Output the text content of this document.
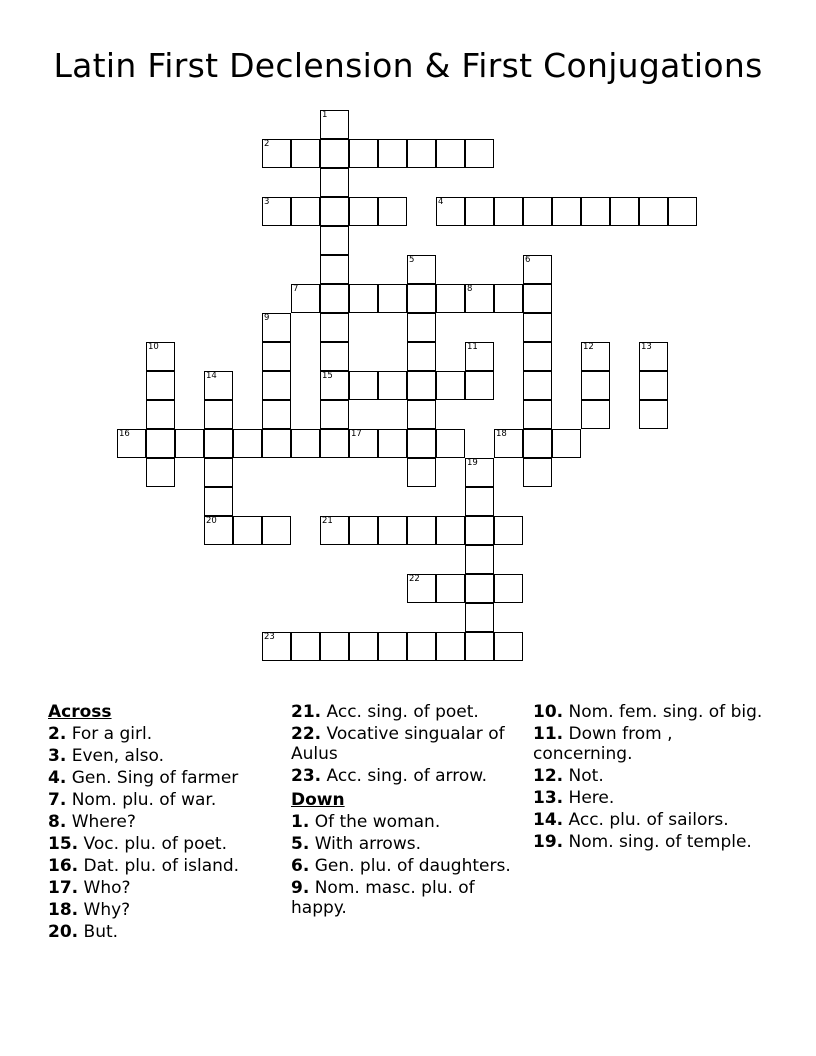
Latin First Declension & First Conjugations
1
15
2
3	4
5	6
7	8
9
10	11	12	13
14
20
16	17	18
19
21
22
23
Across
2. For a girl.
3. Even, also.
4. Gen. Sing of farmer
7. Nom. plu. of war.
8. Where?
15. Voc. plu. of poet.
16. Dat. plu. of island.
17. Who?
18. Why?
20. But.
21. Acc. sing. of poet.
22. Vocative singualar of Aulus
23. Acc. sing. of arrow.
Down
1. Of the woman.
5. With arrows.
6. Gen. plu. of daughters.
9. Nom. masc. plu. of happy.
10. Nom. fem. sing. of big.
11. Down from , concerning.
12. Not.
13. Here.
14. Acc. plu. of sailors.
19. Nom. sing. of temple.
